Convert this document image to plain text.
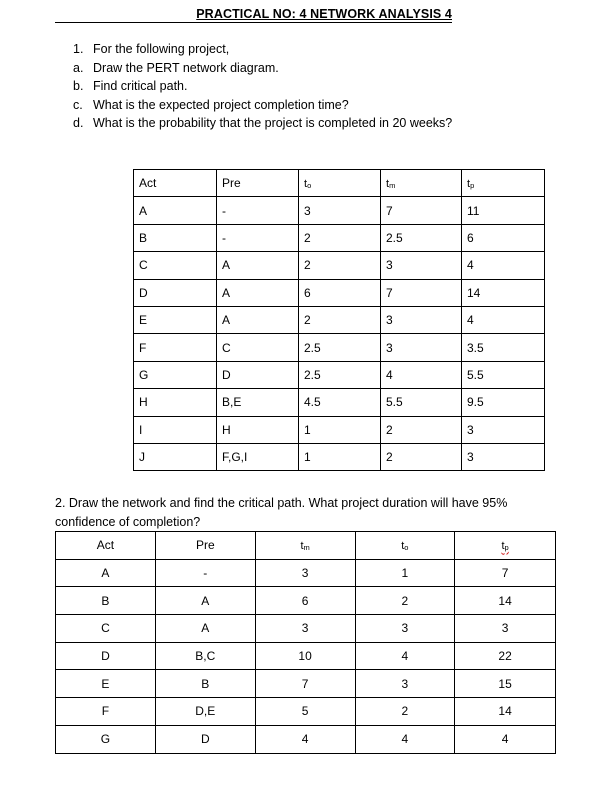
PRACTICAL NO: 4 NETWORK ANALYSIS 4
1. For the following project,
a. Draw the PERT network diagram.
b. Find critical path.
c. What is the expected project completion time?
d. What is the probability that the project is completed in 20 weeks?
Act	Pre	to	tm	tp
A	-	3	7	11
B	-	2	2.5	6
C	A	2	3	4
D	A	6	7	14
E	A	2	3	4
F	C	2.5	3	3.5
G	D	2.5	4	5.5
H	B,E	4.5	5.5	9.5
I	H	1	2	3
J	F,G,I	1	2	3
2. Draw the network and find the critical path. What project duration will have 95% confidence of completion?
Act	Pre	tm	to	tp
A	-	3	1	7
B	A	6	2	14
C	A	3	3	3
D	B,C	10	4	22
E	B	7	3	15
F	D,E	5	2	14
G	D	4	4	4
